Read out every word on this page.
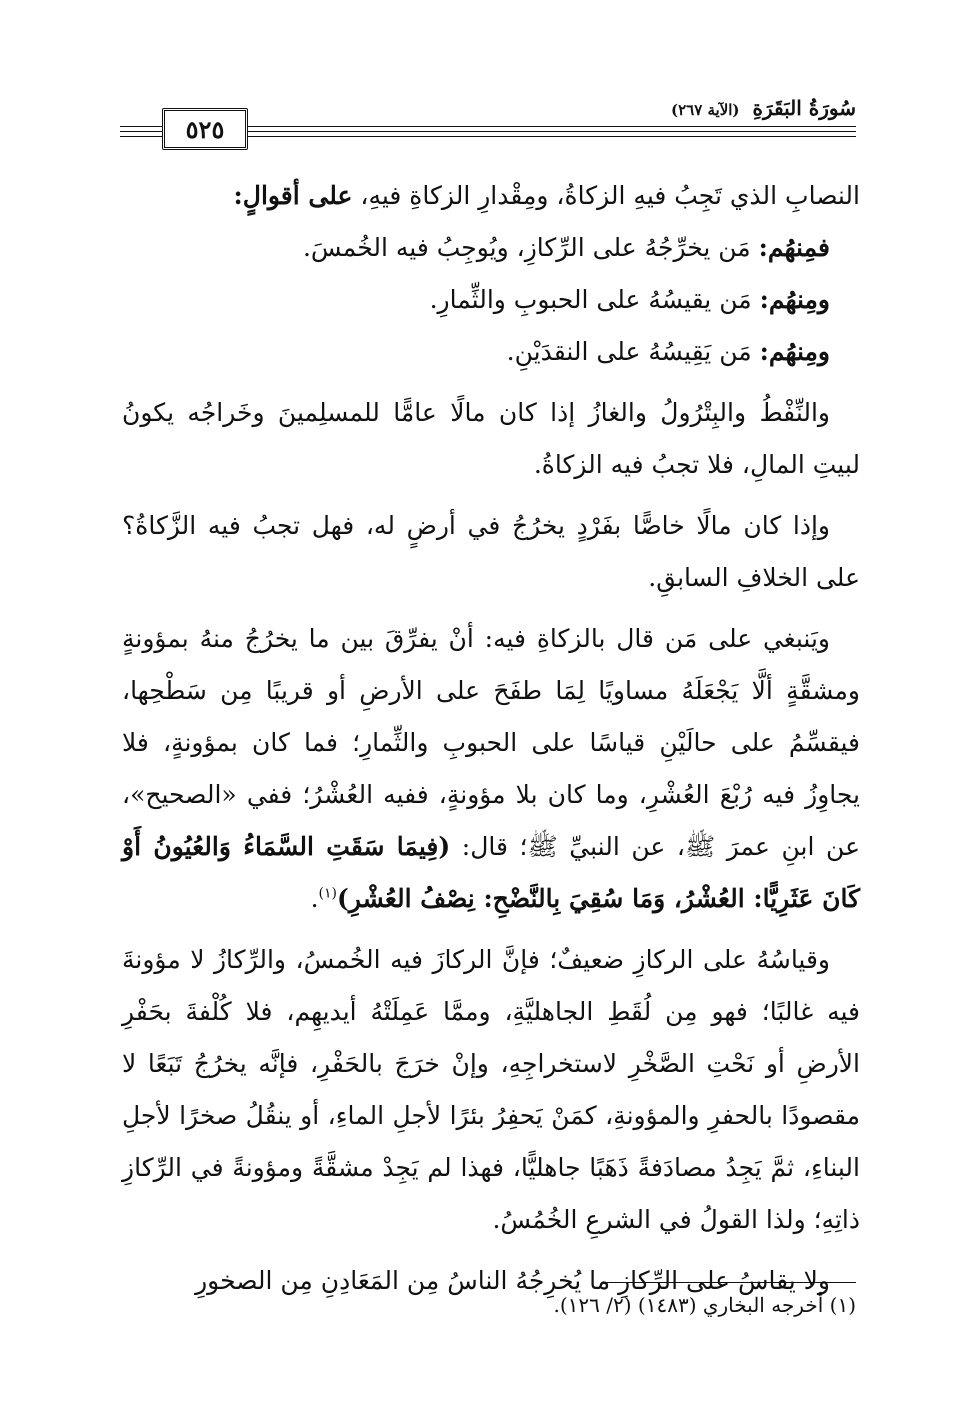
سُورَةُ البَقَرَةِ (الآية ٢٦٧)
٥٢٥

النصابِ الذي تَجِبُ فيهِ الزكاةُ، ومِقْدارِ الزكاةِ فيهِ، على أقوالٍ:

فمِنهُم: مَن يخرِّجُهُ على الرِّكازِ، ويُوجِبُ فيه الخُمسَ.

ومِنهُم: مَن يقيسُهُ على الحبوبِ والثِّمارِ.

ومِنهُم: مَن يَقِيسُهُ على النقدَيْنِ.

والنِّفْطُ والبِتْرُولُ والغازُ إذا كان مالًا عامًّا للمسلِمينَ وخَراجُه يكونُ لبيتِ المالِ، فلا تجبُ فيه الزكاةُ.

وإذا كان مالًا خاصًّا بفَرْدٍ يخرُجُ في أرضٍ له، فهل تجبُ فيه الزَّكاةُ؟ على الخلافِ السابقِ.

ويَنبغي على مَن قال بالزكاةِ فيه: أنْ يفرِّقَ بين ما يخرُجُ منهُ بمؤونةٍ ومشقَّةٍ ألَّا يَجْعَلَهُ مساويًا لِمَا طفَحَ على الأرضِ أو قريبًا مِن سَطْحِها، فيقسِّمُ على حالَيْنِ قياسًا على الحبوبِ والثِّمارِ؛ فما كان بمؤونةٍ، فلا يجاوِزُ فيه رُبْعَ العُشْرِ، وما كان بلا مؤونةٍ، ففيه العُشْرُ؛ ففي «الصحيح»، عن ابنِ عمرَ ﷺ، عن النبيِّ ﷺ؛ قال: (فِيمَا سَقَتِ السَّمَاءُ وَالعُيُونُ أَوْ كَانَ عَثَرِيًّا: العُشْرُ، وَمَا سُقِيَ بِالنَّضْحِ: نِصْفُ العُشْرِ)$^{(١)}$.

وقياسُهُ على الركازِ ضعيفٌ؛ فإنَّ الركازَ فيه الخُمسُ، والرِّكازُ لا مؤونةَ فيه غالبًا؛ فهو مِن لُقَطِ الجاهليَّةِ، وممَّا عَمِلَتْهُ أيديهِم، فلا كُلْفةَ بحَفْرِ الأرضِ أو نَحْتِ الصَّخْرِ لاستخراجِهِ، وإنْ خرَجَ بالحَفْرِ، فإنَّه يخرُجُ تَبَعًا لا مقصودًا بالحفرِ والمؤونةِ، كمَنْ يَحفِرُ بئرًا لأجلِ الماءِ، أو ينقُلُ صخرًا لأجلِ البناءِ، ثمَّ يَجِدُ مصادَفةً ذَهَبًا جاهليًّا، فهذا لم يَجِدْ مشقَّةً ومؤونةً في الرِّكازِ ذاتِهِ؛ ولذا القولُ في الشرعِ الخُمُسُ.

ولا يقاسُ على الرِّكازِ ما يُخرِجُهُ الناسُ مِن المَعَادِنِ مِن الصخورِ

(١) أخرجه البخاري (١٤٨٣) (٢/ ١٢٦).
